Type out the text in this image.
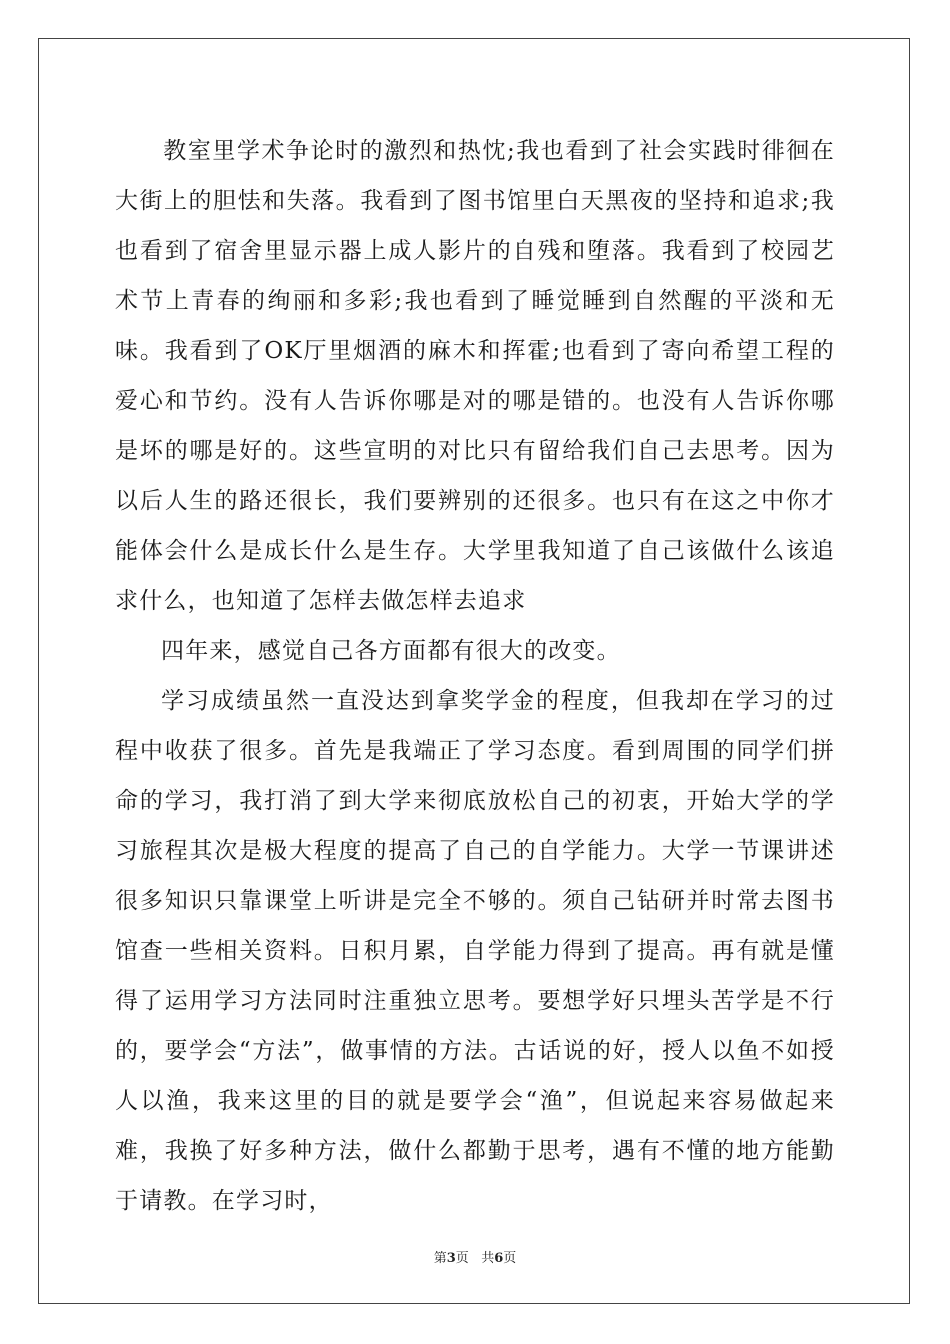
教室里学术争论时的激烈和热忱;我也看到了社会实践时徘徊在大街上的胆怯和失落。我看到了图书馆里白天黑夜的坚持和追求;我也看到了宿舍里显示器上成人影片的自残和堕落。我看到了校园艺术节上青春的绚丽和多彩;我也看到了睡觉睡到自然醒的平淡和无味。我看到了OK厅里烟酒的麻木和挥霍;也看到了寄向希望工程的爱心和节约。没有人告诉你哪是对的哪是错的。也没有人告诉你哪是坏的哪是好的。这些宣明的对比只有留给我们自己去思考。因为以后人生的路还很长，我们要辨别的还很多。也只有在这之中你才能体会什么是成长什么是生存。大学里我知道了自己该做什么该追求什么，也知道了怎样去做怎样去追求

四年来，感觉自己各方面都有很大的改变。

学习成绩虽然一直没达到拿奖学金的程度，但我却在学习的过程中收获了很多。首先是我端正了学习态度。看到周围的同学们拼命的学习，我打消了到大学来彻底放松自己的初衷，开始大学的学习旅程其次是极大程度的提高了自己的自学能力。大学一节课讲述很多知识只靠课堂上听讲是完全不够的。须自己钻研并时常去图书馆查一些相关资料。日积月累，自学能力得到了提高。再有就是懂得了运用学习方法同时注重独立思考。要想学好只埋头苦学是不行的，要学会“方法”，做事情的方法。古话说的好，授人以鱼不如授人以渔，我来这里的目的就是要学会“渔”，但说起来容易做起来难，我换了好多种方法，做什么都勤于思考，遇有不懂的地方能勤于请教。在学习时，

第3页 共6页
